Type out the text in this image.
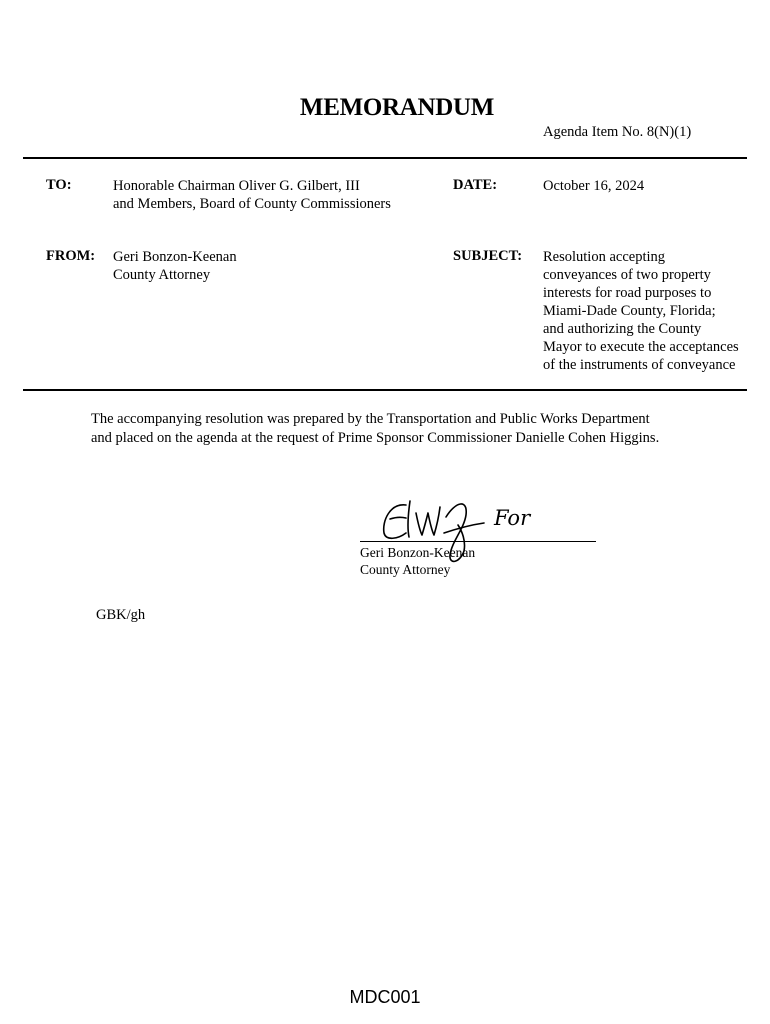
MEMORANDUM
Agenda Item No. 8(N)(1)
TO:	Honorable Chairman Oliver G. Gilbert, III
and Members, Board of County Commissioners
DATE:	October 16, 2024
FROM: Geri Bonzon-Keenan
County Attorney
SUBJECT: Resolution accepting
conveyances of two property
interests for road purposes to
Miami-Dade County, Florida;
and authorizing the County
Mayor to execute the acceptances
of the instruments of conveyance
The accompanying resolution was prepared by the Transportation and Public Works Department
and placed on the agenda at the request of Prime Sponsor Commissioner Danielle Cohen Higgins.
For
Geri Bonzon-Keenan
County Attorney
GBK/gh
MDC001
